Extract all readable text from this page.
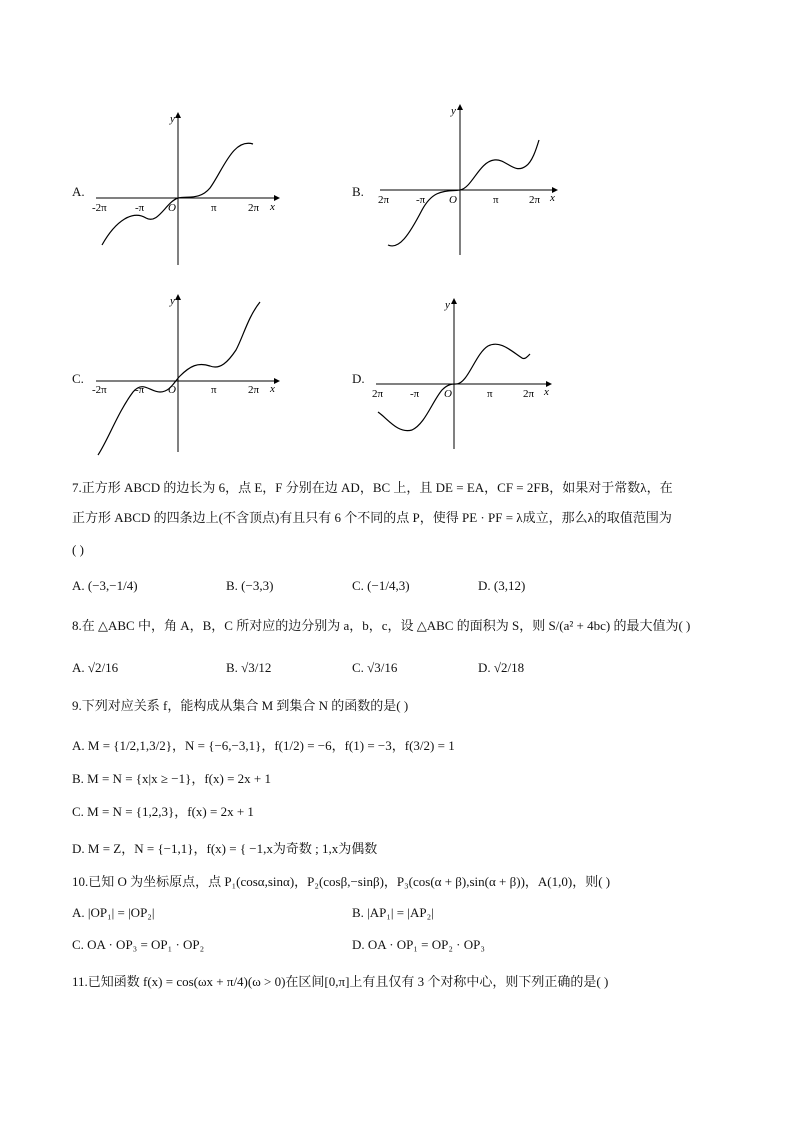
A.
y
x
O
-2π	-π	π	2π
B.
y
x
O
2π -π	π	2π
C.
y
x
O
-2π	-π	π	2π
D.
y
x
O
2π -π	π	2π
7.正方形 ABCD 的边长为 6，点 E，F 分别在边 AD，BC 上，且 DE = EA，CF = 2FB，如果对于常数λ，在
正方形 ABCD 的四条边上(不含顶点)有且只有 6 个不同的点 P，使得 PE · PF = λ成立，那么λ的取值范围为
( )
A. (−3,−1/4)	B. (−3,3)	C. (−1/4,3)	D. (3,12)
8.在 △ABC 中，角 A，B，C 所对应的边分别为 a，b，c，设 △ABC 的面积为 S，则 S/(a² + 4bc) 的最大值为( )
A. √2/16	B. √3/12	C. √3/16	D. √2/18
9.下列对应关系 f，能构成从集合 M 到集合 N 的函数的是( )
A. M = {1/2,1,3/2}，N = {−6,−3,1}，f(1/2) = −6，f(1) = −3，f(3/2) = 1
B. M = N = {x|x ≥ −1}，f(x) = 2x + 1
C. M = N = {1,2,3}，f(x) = 2x + 1
D. M = Z，N = {−1,1}，f(x) = { −1,x为奇数 ; 1,x为偶数
10.已知 O 为坐标原点，点 P₁(cosα,sinα)，P₂(cosβ,−sinβ)，P₃(cos(α + β),sin(α + β))，A(1,0)，则( )
A. |OP₁| = |OP₂|	B. |AP₁| = |AP₂|
C. OA · OP₃ = OP₁ · OP₂	D. OA · OP₁ = OP₂ · OP₃
11.已知函数 f(x) = cos(ωx + π/4)(ω > 0)在区间[0,π]上有且仅有 3 个对称中心，则下列正确的是( )
